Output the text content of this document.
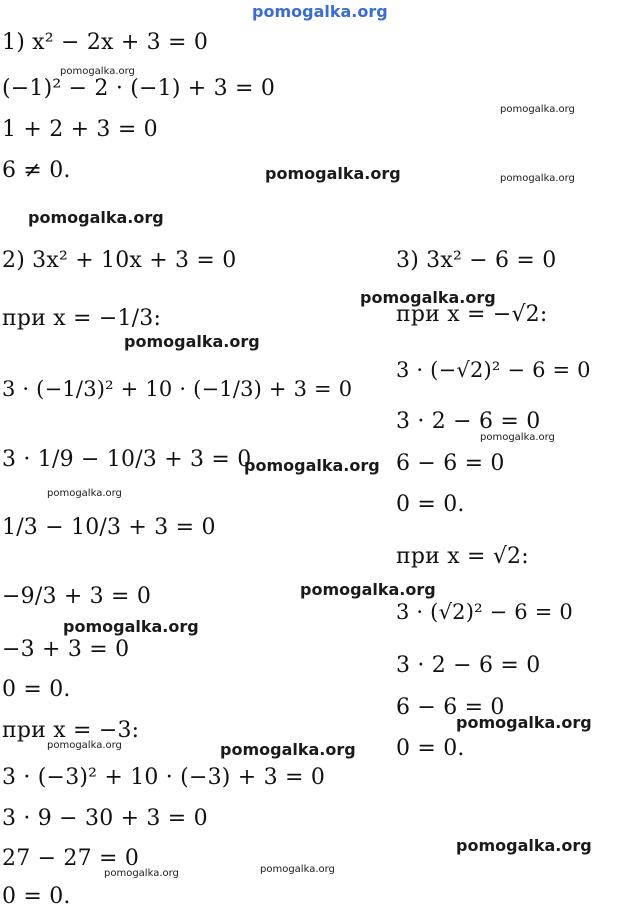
pomogalka.org
pomogalka.org
pomogalka.org
pomogalka.org	pomogalka.org
pomogalka.org
pomogalka.org
pomogalka.org
pomogalka.org
pomogalka.org
pomogalka.org
pomogalka.org
pomogalka.org
pomogalka.org
pomogalka.org	pomogalka.org
pomogalka.org
pomogalka.org	pomogalka.org
1) x² − 2x + 3 = 0
(−1)² − 2 · (−1) + 3 = 0
1 + 2 + 3 = 0
6 ≠ 0.
2) 3x² + 10x + 3 = 0
при x = −1/3:
3 · (−1/3)² + 10 · (−1/3) + 3 = 0
3 · 1/9 − 10/3 + 3 = 0
1/3 − 10/3 + 3 = 0
−9/3 + 3 = 0
−3 + 3 = 0
0 = 0.
при x = −3:
3 · (−3)² + 10 · (−3) + 3 = 0
3 · 9 − 30 + 3 = 0
27 − 27 = 0
0 = 0.
3) 3x² − 6 = 0
при x = −√2:
3 · (−√2)² − 6 = 0
3 · 2 − 6 = 0
6 − 6 = 0
0 = 0.
при x = √2:
3 · (√2)² − 6 = 0
3 · 2 − 6 = 0
6 − 6 = 0
0 = 0.
